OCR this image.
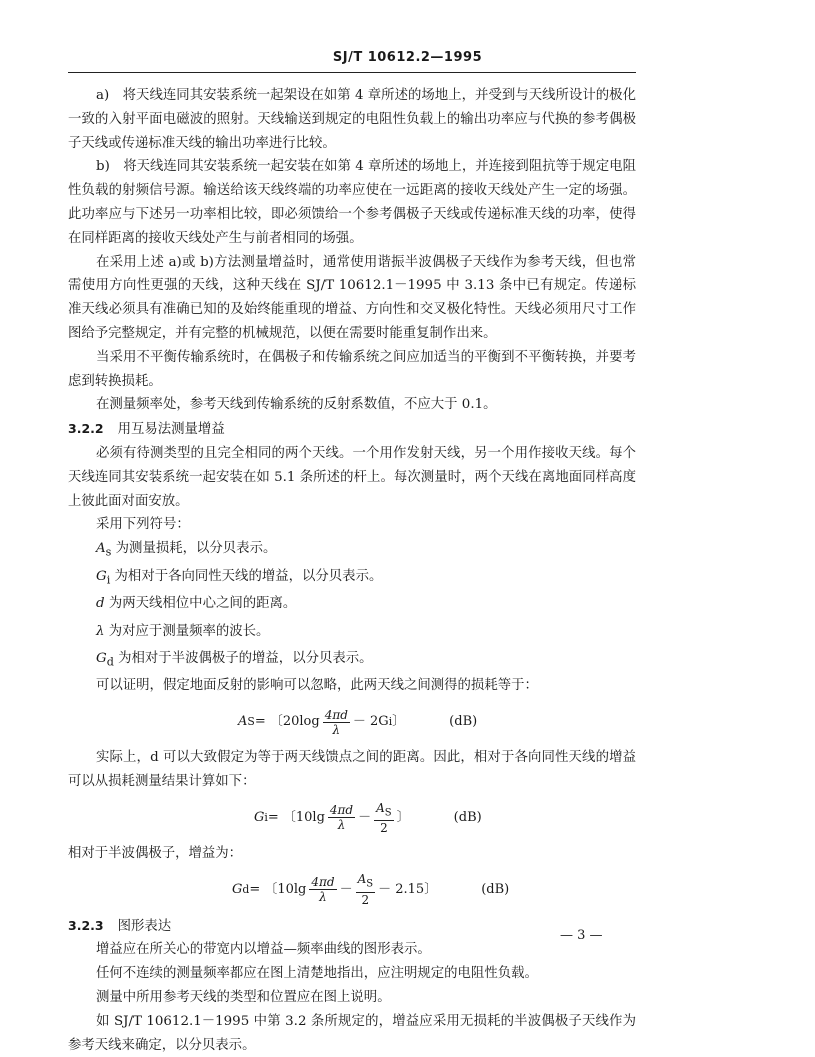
SJ/T 10612.2—1995

a)　将天线连同其安装系统一起架设在如第 4 章所述的场地上，并受到与天线所设计的极化一致的入射平面电磁波的照射。天线输送到规定的电阻性负载上的输出功率应与代换的参考偶极子天线或传递标准天线的输出功率进行比较。

b)　将天线连同其安装系统一起安装在如第 4 章所述的场地上，并连接到阻抗等于规定电阻性负载的射频信号源。输送给该天线终端的功率应使在一远距离的接收天线处产生一定的场强。此功率应与下述另一功率相比较，即必须馈给一个参考偶极子天线或传递标准天线的功率，使得在同样距离的接收天线处产生与前者相同的场强。

在采用上述 a)或 b)方法测量增益时，通常使用谐振半波偶极子天线作为参考天线，但也常需使用方向性更强的天线，这种天线在 SJ/T 10612.1－1995 中 3.13 条中已有规定。传递标准天线必须具有准确已知的及始终能重现的增益、方向性和交叉极化特性。天线必须用尺寸工作图给予完整规定，并有完整的机械规范，以便在需要时能重复制作出来。

当采用不平衡传输系统时，在偶极子和传输系统之间应加适当的平衡到不平衡转换，并要考虑到转换损耗。

在测量频率处，参考天线到传输系统的反射系数值，不应大于 0.1。

3.2.2 用互易法测量增益

必须有待测类型的且完全相同的两个天线。一个用作发射天线，另一个用作接收天线。每个天线连同其安装系统一起安装在如 5.1 条所述的杆上。每次测量时，两个天线在离地面同样高度上彼此面对面安放。

采用下列符号：

$A_s$ 为测量损耗，以分贝表示。

$G_i$ 为相对于各向同性天线的增益，以分贝表示。

d 为两天线相位中心之间的距离。

λ 为对应于测量频率的波长。

$G_d$ 为相对于半波偶极子的增益，以分贝表示。

可以证明，假定地面反射的影响可以忽略，此两天线之间测得的损耗等于：

A S = 〔$20\log \frac{4\pi d}{\lambda} - 2G$ i 〕	(dB)

实际上，d 可以大致假定为等于两天线馈点之间的距离。因此，相对于各向同性天线的增益可以从损耗测量结果计算如下：

G i = 〔$10\lg \frac{4\pi d}{\lambda} - \frac{A_S}{2}$ 〕	(dB)

相对于半波偶极子，增益为：

G d = 〔$10\lg \frac{4\pi d}{\lambda} - \frac{A_S}{2} - 2.15$〕	(dB)

3.2.3 图形表达

增益应在所关心的带宽内以增益—频率曲线的图形表示。

任何不连续的测量频率都应在图上清楚地指出，应注明规定的电阻性负载。

测量中所用参考天线的类型和位置应在图上说明。

如 SJ/T 10612.1－1995 中第 3.2 条所规定的，增益应采用无损耗的半波偶极子天线作为参考天线来确定，以分贝表示。

— 3 —
